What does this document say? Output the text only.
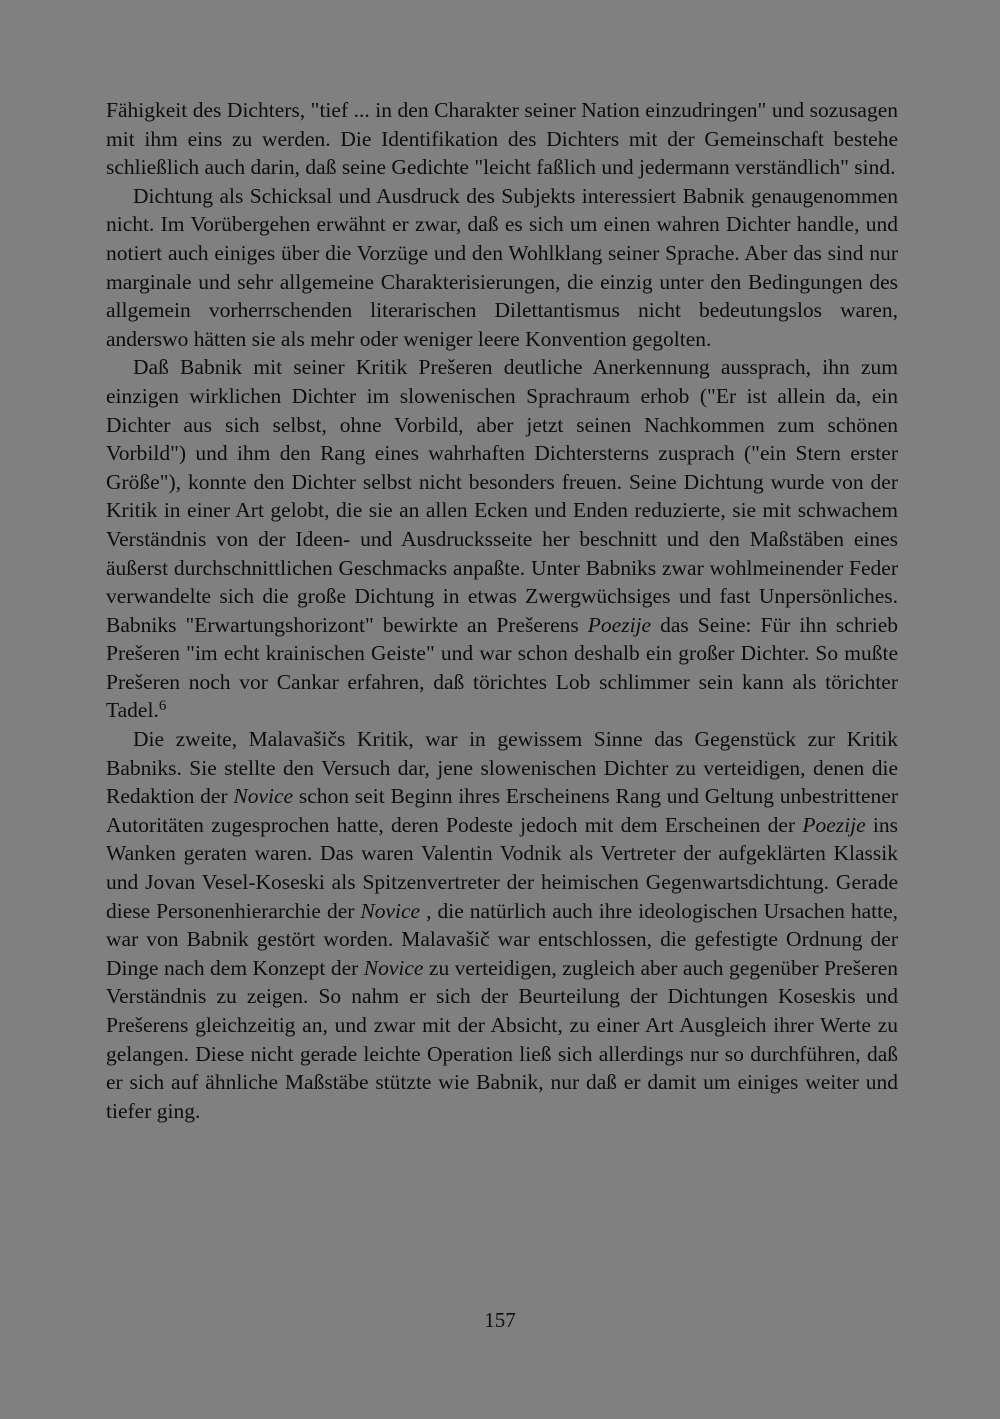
Fähigkeit des Dichters, "tief ... in den Charakter seiner Nation einzudringen" und sozusagen mit ihm eins zu werden. Die Identifikation des Dichters mit der Gemeinschaft bestehe schließlich auch darin, daß seine Gedichte "leicht faßlich und jedermann verständlich" sind.

Dichtung als Schicksal und Ausdruck des Subjekts interessiert Babnik genaugenommen nicht. Im Vorübergehen erwähnt er zwar, daß es sich um einen wahren Dichter handle, und notiert auch einiges über die Vorzüge und den Wohlklang seiner Sprache. Aber das sind nur marginale und sehr allgemeine Charakterisierungen, die einzig unter den Bedingungen des allgemein vorherrschenden literarischen Dilettantismus nicht bedeutungslos waren, anderswo hätten sie als mehr oder weniger leere Konvention gegolten.

Daß Babnik mit seiner Kritik Prešeren deutliche Anerkennung aussprach, ihn zum einzigen wirklichen Dichter im slowenischen Sprachraum erhob ("Er ist allein da, ein Dichter aus sich selbst, ohne Vorbild, aber jetzt seinen Nachkommen zum schönen Vorbild") und ihm den Rang eines wahrhaften Dichtersterns zusprach ("ein Stern erster Größe"), konnte den Dichter selbst nicht besonders freuen. Seine Dichtung wurde von der Kritik in einer Art gelobt, die sie an allen Ecken und Enden reduzierte, sie mit schwachem Verständnis von der Ideen- und Ausdrucksseite her beschnitt und den Maßstäben eines äußerst durchschnittlichen Geschmacks anpaßte. Unter Babniks zwar wohlmeinender Feder verwandelte sich die große Dichtung in etwas Zwergwüchsiges und fast Unpersönliches. Babniks "Erwartungshorizont" bewirkte an Prešerens Poezije das Seine: Für ihn schrieb Prešeren "im echt krainischen Geiste" und war schon deshalb ein großer Dichter. So mußte Prešeren noch vor Cankar erfahren, daß törichtes Lob schlimmer sein kann als törichter Tadel.$^6$

Die zweite, Malavašičs Kritik, war in gewissem Sinne das Gegenstück zur Kritik Babniks. Sie stellte den Versuch dar, jene slowenischen Dichter zu verteidigen, denen die Redaktion der Novice schon seit Beginn ihres Erscheinens Rang und Geltung unbestrittener Autoritäten zugesprochen hatte, deren Podeste jedoch mit dem Erscheinen der Poezije ins Wanken geraten waren. Das waren Valentin Vodnik als Vertreter der aufgeklärten Klassik und Jovan Vesel-Koseski als Spitzenvertreter der heimischen Gegenwartsdichtung. Gerade diese Personenhierarchie der Novice , die natürlich auch ihre ideologischen Ursachen hatte, war von Babnik gestört worden. Malavašič war entschlossen, die gefestigte Ordnung der Dinge nach dem Konzept der Novice zu verteidigen, zugleich aber auch gegenüber Prešeren Verständnis zu zeigen. So nahm er sich der Beurteilung der Dichtungen Koseskis und Prešerens gleichzeitig an, und zwar mit der Absicht, zu einer Art Ausgleich ihrer Werte zu gelangen. Diese nicht gerade leichte Operation ließ sich allerdings nur so durchführen, daß er sich auf ähnliche Maßstäbe stützte wie Babnik, nur daß er damit um einiges weiter und tiefer ging.

157
